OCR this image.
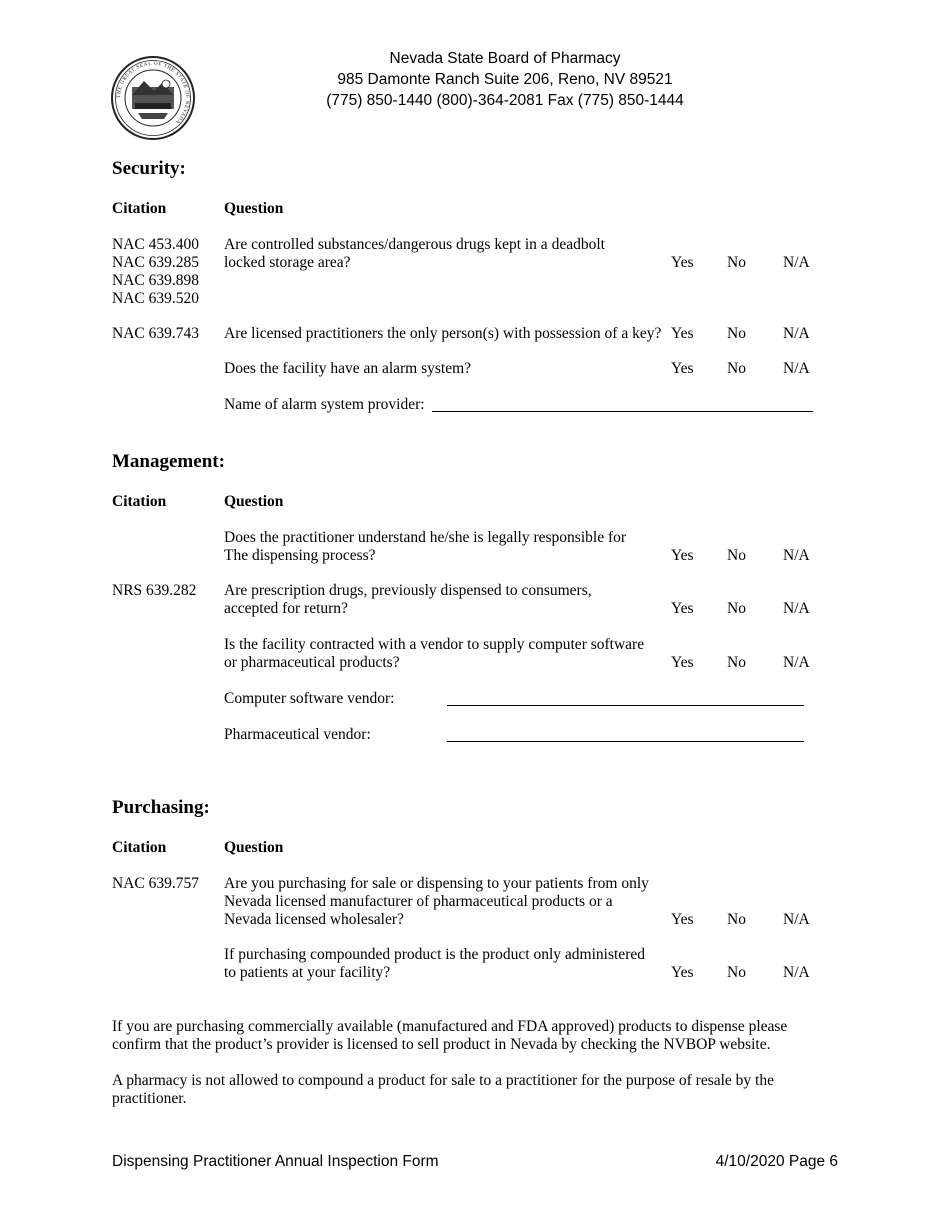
THE GREAT SEAL OF THE STATE OF NEVADA
Nevada State Board of Pharmacy
985 Damonte Ranch Suite 206, Reno, NV 89521
(775) 850-1440 (800)-364-2081 Fax (775) 850-1444
Security:
Citation	Question
NAC 453.400
NAC 639.285
NAC 639.898
NAC 639.520
Are controlled substances/dangerous drugs kept in a deadbolt
locked storage area?	Yes No N/A
NAC 639.743 Are licensed practitioners the only person(s) with possession of a key? Yes No N/A
Does the facility have an alarm system?	Yes No N/A
Name of alarm system provider:
Management:
Citation	Question
Does the practitioner understand he/she is legally responsible for
The dispensing process?	Yes No N/A
NRS 639.282 Are prescription drugs, previously dispensed to consumers,
accepted for return?	Yes No N/A
Is the facility contracted with a vendor to supply computer software
or pharmaceutical products?	Yes No N/A
Computer software vendor:
Pharmaceutical vendor:
Purchasing:
Citation	Question
NAC 639.757 Are you purchasing for sale or dispensing to your patients from only
Nevada licensed manufacturer of pharmaceutical products or a
Nevada licensed wholesaler?	Yes No N/A
If purchasing compounded product is the product only administered
to patients at your facility?	Yes No N/A
If you are purchasing commercially available (manufactured and FDA approved) products to dispense please
confirm that the product’s provider is licensed to sell product in Nevada by checking the NVBOP website.
A pharmacy is not allowed to compound a product for sale to a practitioner for the purpose of resale by the
practitioner.
Dispensing Practitioner Annual Inspection Form	4/10/2020 Page 6
